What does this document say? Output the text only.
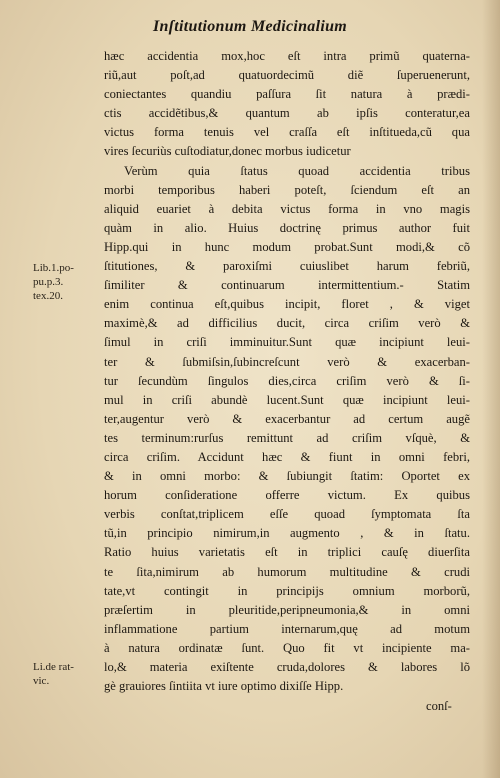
Inſtitutionum Medicinalium
Lib.1.po-
pu.p.3.
tex.20.
Li.de rat-
vic.
hæc accidentia mox,hoc eſt intra primũ quaterna-
riũ,aut poſt,ad quatuordecimũ diẽ ſuperuenerunt,
coniectantes quandiu paſſura ſit natura à prædi-
ctis accidẽtibus,& quantum ab ipſis conteratur,ea
victus forma tenuis vel craſſa eſt inſtitueda,cũ qua
vires ſecuriùs cuſtodiatur,donec morbus iudicetur
Verùm quia ſtatus quoad accidentia tribus
morbi temporibus haberi poteſt, ſciendum eſt an
aliquid euariet à debita victus forma in vno magis
quàm in alio. Huius doctrinę primus author fuit
Hipp.qui in hunc modum probat.Sunt modi,& cõ
ſtitutiones, & paroxiſmi cuiuslibet harum febriũ,
ſimiliter & continuarum intermittentium.- Statim
enim continua eſt,quibus incipit, floret , & viget
maximè,& ad difficilius ducit, circa criſim verò &
ſimul in criſi imminuitur.Sunt quæ incipiunt leui-
ter & ſubmiſsin,ſubincreſcunt verò & exacerban-
tur ſecundùm ſingulos dies,circa criſim verò & ſi-
mul in criſi abundè lucent.Sunt quæ incipiunt leui-
ter,augentur verò & exacerbantur ad certum augẽ
tes terminum:rurſus remittunt ad criſim vſquè, &
circa criſim. Accidunt hæc & fiunt in omni febri,
& in omni morbo: & ſubiungit ſtatim: Oportet ex
horum conſideratione offerre victum. Ex quibus
verbis conſtat,triplicem eſſe quoad ſymptomata ſta
tũ,in principio nimirum,in augmento , & in ſtatu.
Ratio huius varietatis eſt in triplici cauſę diuerſita
te ſita,nimirum ab humorum multitudine & crudi
tate,vt contingit in principijs omnium morborũ,
præſertim in pleuritide,peripneumonia,& in omni
inflammatione partium internarum,quę ad motum
à natura ordinatæ ſunt. Quo fit vt incipiente ma-
lo,& materia exiſtente cruda,dolores & labores lõ
gè grauiores ſintiita vt iure optimo dixiſſe Hipp.
conſ-
